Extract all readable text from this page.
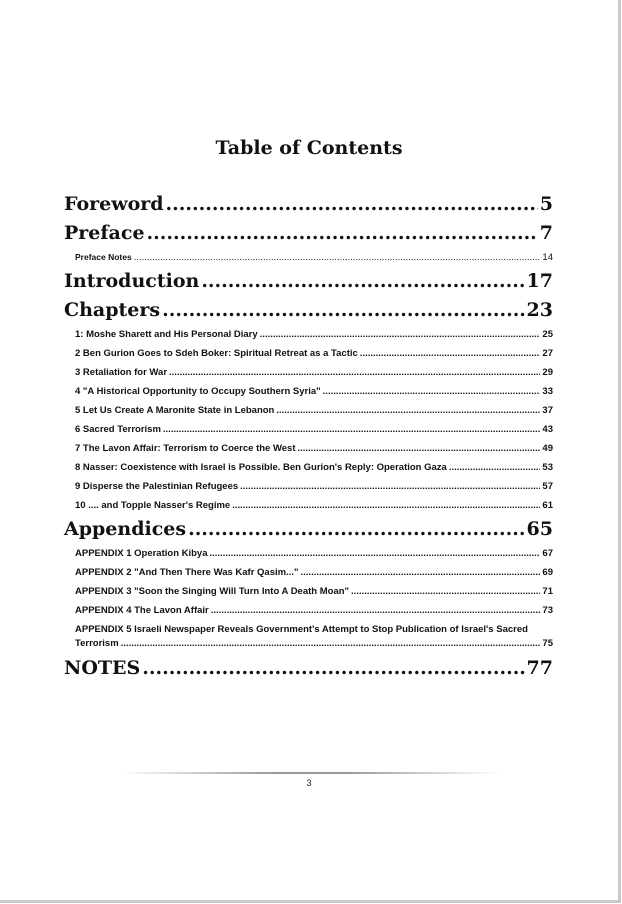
Table of Contents
Foreword .....	5
Preface .....	7
Preface Notes .....	14
Introduction .....	17
Chapters .....	23
1: Moshe Sharett and His Personal Diary .....	25
2 Ben Gurion Goes to Sdeh Boker: Spiritual Retreat as a Tactic .....	27
3 Retaliation for War .....	29
4 "A Historical Opportunity to Occupy Southern Syria" .....	33
5 Let Us Create A Maronite State in Lebanon .....	37
6 Sacred Terrorism .....	43
7 The Lavon Affair: Terrorism to Coerce the West .....	49
8 Nasser: Coexistence with Israel is Possible. Ben Gurion's Reply: Operation Gaza .....	53
9 Disperse the Palestinian Refugees .....	57
10 .... and Topple Nasser's Regime .....	61
Appendices .....	65
APPENDIX 1 Operation Kibya .....	67
APPENDIX 2 "And Then There Was Kafr Qasim..." .....	69
APPENDIX 3 "Soon the Singing Will Turn Into A Death Moan" .....	71
APPENDIX 4 The Lavon Affair .....	73
APPENDIX 5 Israeli Newspaper Reveals Government's Attempt to Stop Publication of Israel's Sacred
Terrorism .....	75
NOTES .....	77
3
